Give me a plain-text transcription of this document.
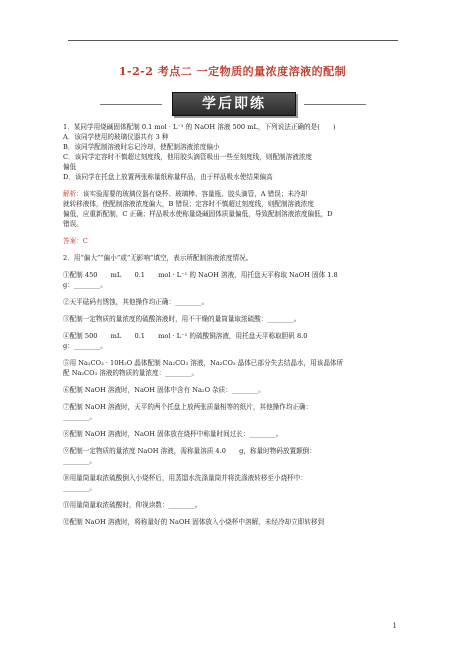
1-2-2 考点二 一定物质的量浓度溶液的配制
学后即练
1．某同学用烧碱固体配制 0.1 mol · L⁻¹ 的 NaOH 溶液 500 mL，下列说法正确的是(　　)
A．该同学使用的玻璃仪器共有 3 种
B．该同学配制溶液时忘记冷却，使配制溶液浓度偏小
C．该同学定容时不慎超过刻度线，他用胶头滴管吸出一些至刻度线，则配制溶液浓度
偏低
D．该同学在托盘上放置两张称量纸称量样品，由于样品吸水使结果偏高
解析：该实验需要的玻璃仪器有烧杯、玻璃棒、容量瓶、胶头滴管，A 错误；未冷却
就转移液体，使配制溶液浓度偏大，B 错误；定容时不慎超过刻度线，则配制溶液浓度
偏低，应重新配制，C 正确；样品吸水使称量烧碱固体质量偏低，导致配制溶液浓度偏低，D
错误。
答案：C
2．用“偏大”“偏小”或“无影响”填空，表示所配制溶液浓度情况。
①配制 450　　mL　　0.1　　mol · L⁻¹ 的 NaOH 溶液，用托盘天平称取 NaOH 固体 1.8
g：________。
②天平砝码有锈蚀，其他操作均正确：________。
③配制一定物质的量浓度的硫酸溶液时，用不干燥的量筒量取浓硫酸：________。
④配制 500　　mL　　0.1　　mol · L⁻¹ 的硫酸铜溶液，用托盘天平称取胆矾 8.0
g：________。
⑤用 Na₂CO₃ · 10H₂O 晶体配制 Na₂CO₃ 溶液，Na₂CO₃ 晶体已部分失去结晶水，用该晶体所
配 Na₂CO₃ 溶液的物质的量浓度：________。
⑥配制 NaOH 溶液时，NaOH 固体中含有 Na₂O 杂质：________。
⑦配制 NaOH 溶液时，天平的两个托盘上放两张质量相等的纸片，其他操作均正确：
________。
⑧配制 NaOH 溶液时，NaOH 固体放在烧杯中称量时间过长：________。
⑨配制一定物质的量浓度 NaOH 溶液，需称量溶质 4.0　　g，称量时物码放置颠倒：
________。
⑩用量筒量取浓硫酸倒入小烧杯后，用蒸馏水洗涤量筒并将洗涤液转移至小烧杯中：
________。
⑪用量筒量取浓硫酸时，仰视读数：________。
⑫配制 NaOH 溶液时，将称量好的 NaOH 固体放入小烧杯中溶解，未经冷却立即转移到
1
